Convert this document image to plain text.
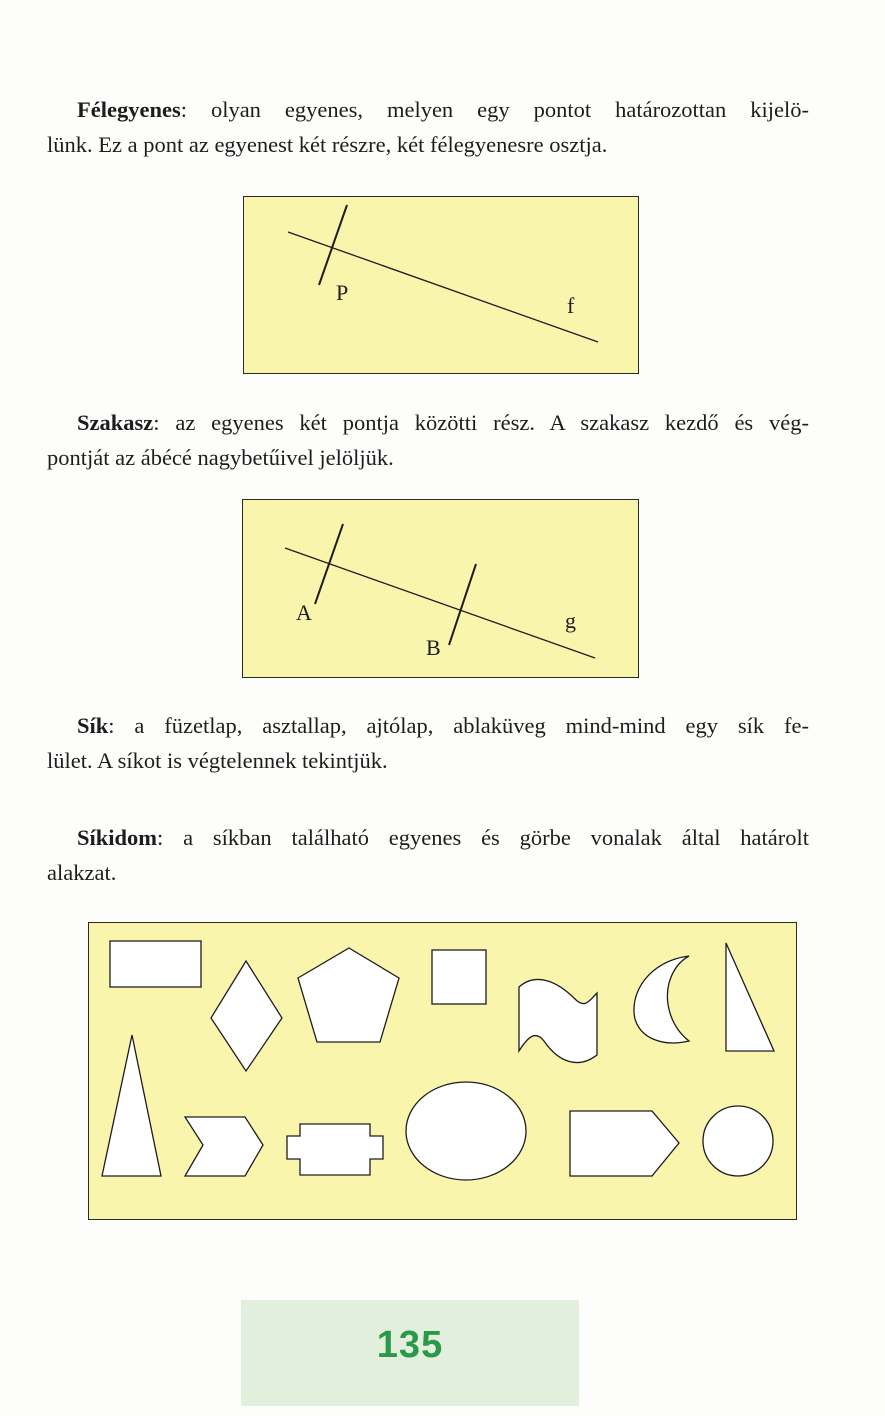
Félegyenes: olyan egyenes, melyen egy pontot határozottan kijelö-
lünk. Ez a pont az egyenest két részre, két félegyenesre osztja.

P
f

Szakasz: az egyenes két pontja közötti rész. A szakasz kezdő és vég-
pontját az ábécé nagybetűivel jelöljük.

A
B
g

Sík: a füzetlap, asztallap, ajtólap, ablaküveg mind-mind egy sík fe-
lület. A síkot is végtelennek tekintjük.

Síkidom: a síkban található egyenes és görbe vonalak által határolt
alakzat.

135
